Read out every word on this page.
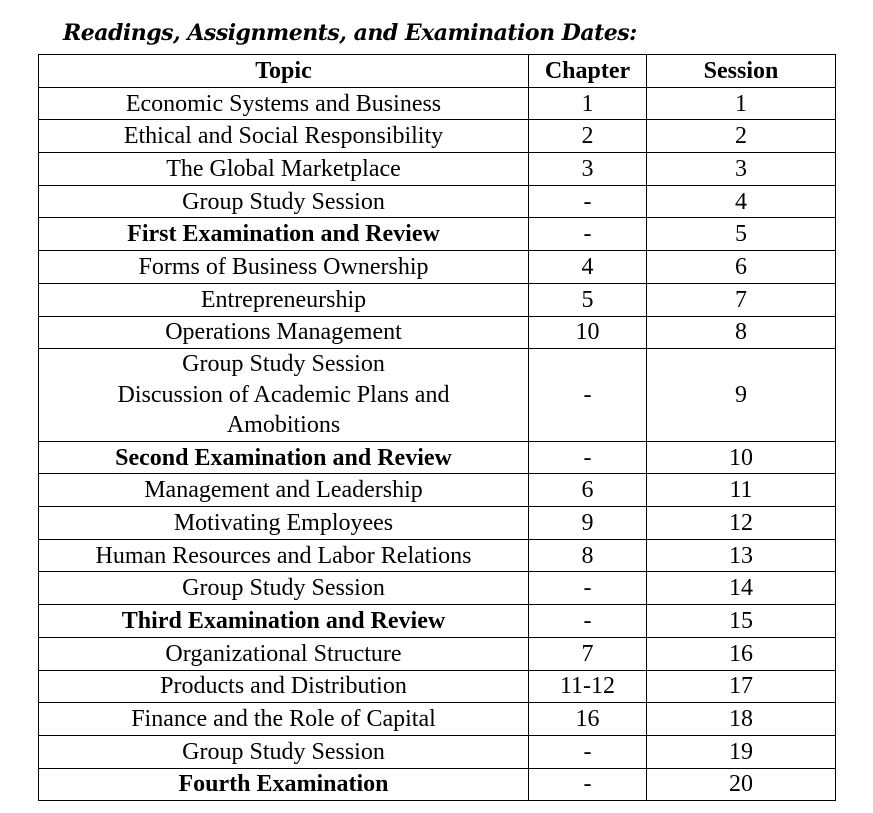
Readings, Assignments, and Examination Dates:
Topic	Chapter	Session
Economic Systems and Business	1	1
Ethical and Social Responsibility	2	2
The Global Marketplace	3	3
Group Study Session	-	4
First Examination and Review	-	5
Forms of Business Ownership	4	6
Entrepreneurship	5	7
Operations Management	10	8

Group Study Session
Discussion of Academic Plans and
Amobitions	-	9
Second Examination and Review	-	10
Management and Leadership	6	11
Motivating Employees	9	12
Human Resources and Labor Relations	8	13
Group Study Session	-	14
Third Examination and Review	-	15
Organizational Structure	7	16
Products and Distribution	11-12	17
Finance and the Role of Capital	16	18
Group Study Session	-	19
Fourth Examination	-	20
